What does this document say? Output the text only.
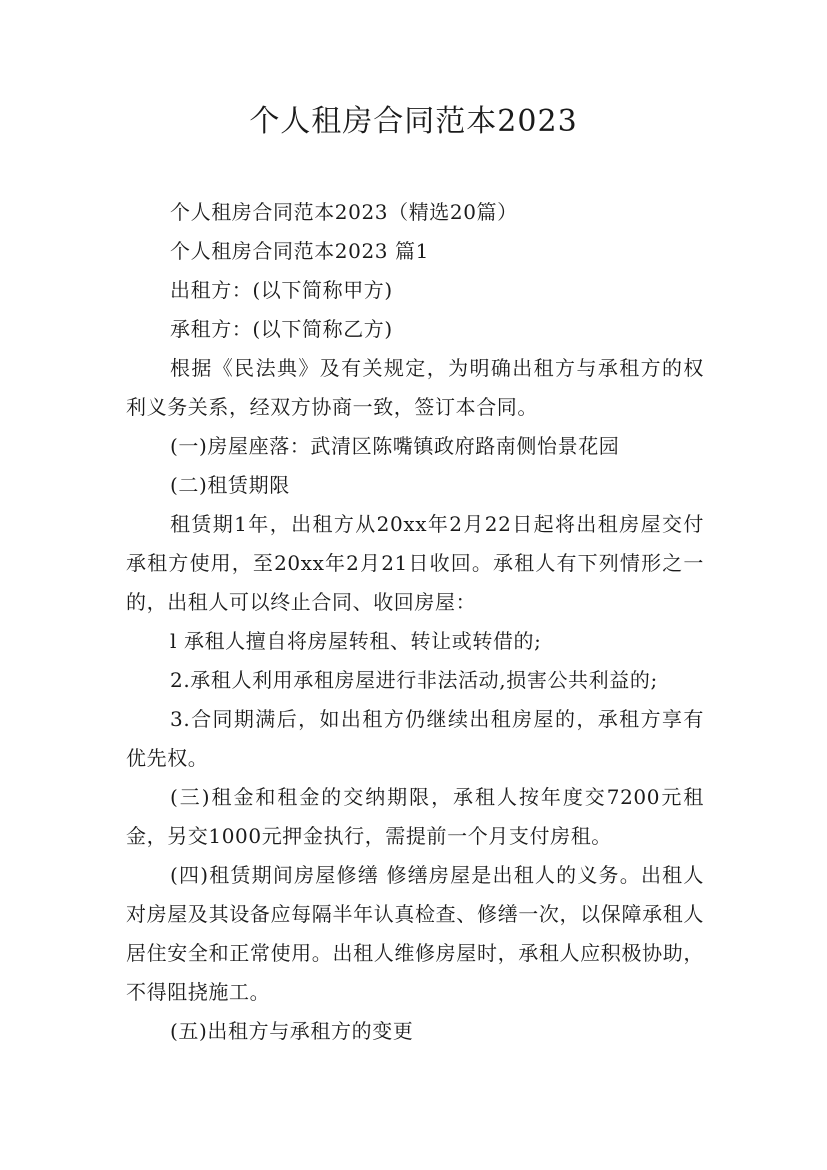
个人租房合同范本2023

个人租房合同范本2023（精选20篇）

个人租房合同范本2023 篇1

出租方：(以下简称甲方)

承租方：(以下简称乙方)

根据《民法典》及有关规定，为明确出租方与承租方的权利义务关系，经双方协商一致，签订本合同。

(一)房屋座落：武清区陈嘴镇政府路南侧怡景花园

(二)租赁期限

租赁期1年，出租方从20xx年2月22日起将出租房屋交付承租方使用，至20xx年2月21日收回。承租人有下列情形之一的，出租人可以终止合同、收回房屋：

l 承租人擅自将房屋转租、转让或转借的;

2.承租人利用承租房屋进行非法活动,损害公共利益的;

3.合同期满后，如出租方仍继续出租房屋的，承租方享有优先权。

(三)租金和租金的交纳期限，承租人按年度交7200元租金，另交1000元押金执行，需提前一个月支付房租。

(四)租赁期间房屋修缮 修缮房屋是出租人的义务。出租人对房屋及其设备应每隔半年认真检查、修缮一次，以保障承租人居住安全和正常使用。出租人维修房屋时，承租人应积极协助，不得阻挠施工。

(五)出租方与承租方的变更
